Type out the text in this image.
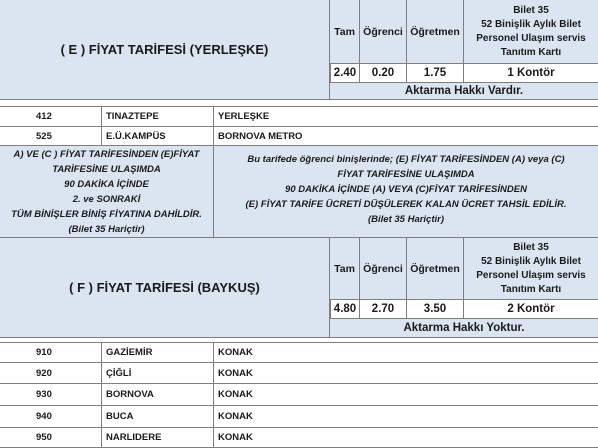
( E ) FİYAT TARİFESİ (YERLEŞKE)
Tam Öğrenci Öğretmen
Bilet 35
52 Binişlik Aylık Bilet
Personel Ulaşım servis
Tanıtım Kartı
2.40 0.20	1.75	1 Kontör
Aktarma Hakkı Vardır.
412	TINAZTEPE	YERLEŞKE
525	E.Ü.KAMPÜS	BORNOVA METRO
A) VE (C ) FİYAT TARİFESİNDEN (E)FİYAT
TARİFESİNE ULAŞIMDA
90 DAKİKA İÇİNDE
2. ve SONRAKİ
TÜM BİNİŞLER BİNİŞ FİYATINA DAHİLDİR.
(Bilet 35 Hariçtir)
Bu tarifede öğrenci binişlerinde; (E) FİYAT TARİFESİNDEN (A) veya (C)
FİYAT TARİFESİNE ULAŞIMDA
90 DAKİKA İÇİNDE (A) VEYA (C)FİYAT TARİFESİNDEN
(E) FİYAT TARİFE ÜCRETİ DÜŞÜLEREK KALAN ÜCRET TAHSİL EDİLİR.
(Bilet 35 Hariçtir)
( F ) FİYAT TARİFESİ (BAYKUŞ)
Tam Öğrenci Öğretmen
Bilet 35
52 Binişlik Aylık Bilet
Personel Ulaşım servis
Tanıtım Kartı
4.80 2.70	3.50	2 Kontör
Aktarma Hakkı Yoktur.
910	GAZİEMİR	KONAK
920	ÇİĞLİ	KONAK
930	BORNOVA	KONAK
940	BUCA	KONAK
950	NARLIDERE	KONAK
